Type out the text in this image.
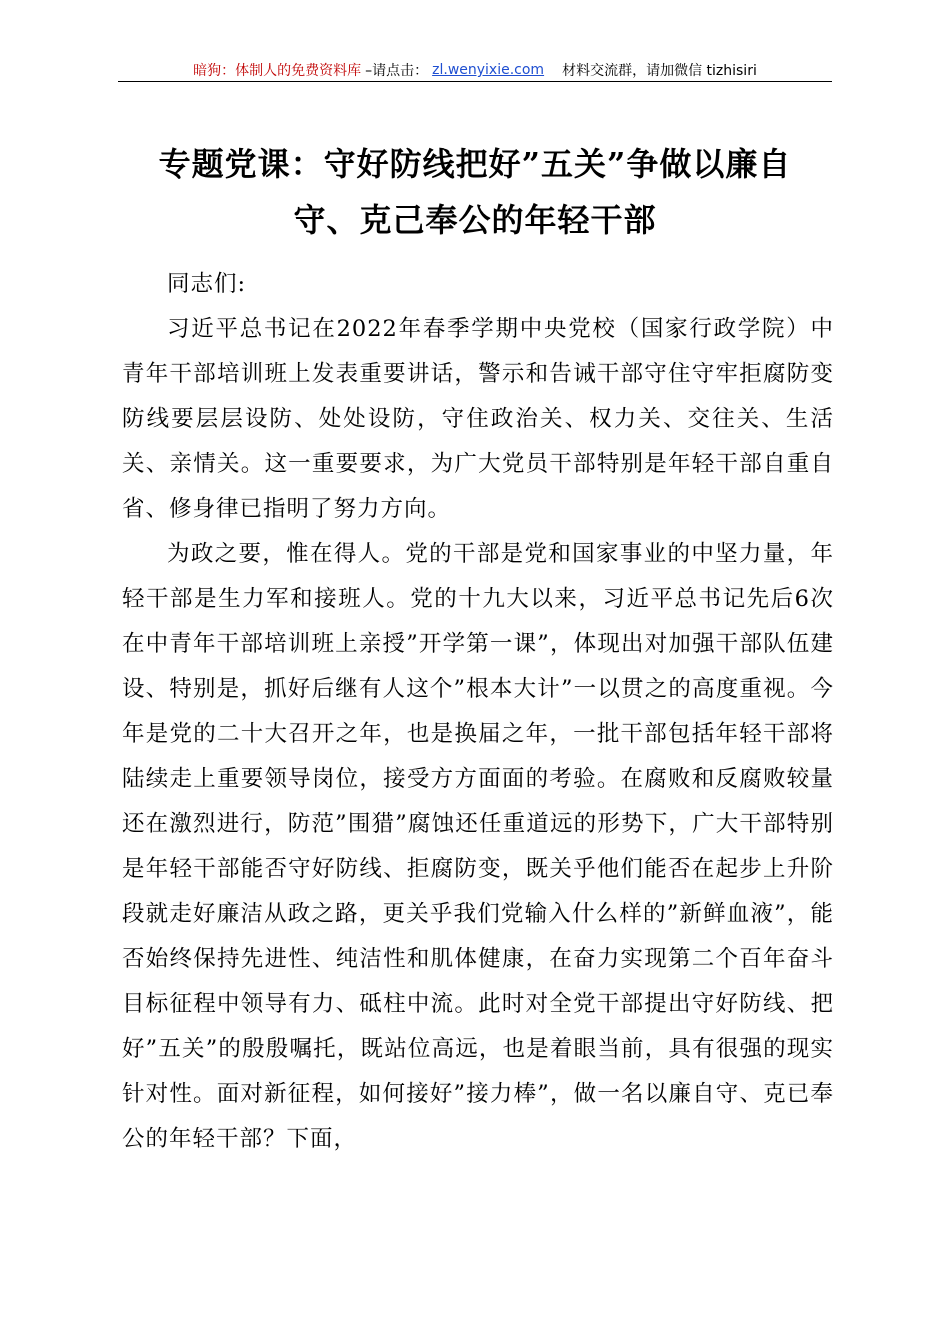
暗狗：体制人的免费资料库 –请点击： zl.wenyixie.com 材料交流群，请加微信 tizhisiri
专题党课：守好防线把好”五关”争做以廉自
守、克己奉公的年轻干部

同志们:

习近平总书记在2022年春季学期中央党校（国家行政学院）中青年干部培训班上发表重要讲话，警示和告诫干部守住守牢拒腐防变防线要层层设防、处处设防，守住政治关、权力关、交往关、生活关、亲情关。这一重要要求，为广大党员干部特别是年轻干部自重自省、修身律已指明了努力方向。

为政之要，惟在得人。党的干部是党和国家事业的中坚力量，年轻干部是生力军和接班人。党的十九大以来，习近平总书记先后6次在中青年干部培训班上亲授”开学第一课”，体现出对加强干部队伍建设、特别是，抓好后继有人这个”根本大计”一以贯之的高度重视。今年是党的二十大召开之年，也是换届之年，一批干部包括年轻干部将陆续走上重要领导岗位，接受方方面面的考验。在腐败和反腐败较量还在激烈进行，防范”围猎”腐蚀还任重道远的形势下，广大干部特别是年轻干部能否守好防线、拒腐防变，既关乎他们能否在起步上升阶段就走好廉洁从政之路，更关乎我们党输入什么样的”新鲜血液”，能否始终保持先进性、纯洁性和肌体健康，在奋力实现第二个百年奋斗目标征程中领导有力、砥柱中流。此时对全党干部提出守好防线、把好”五关”的殷殷嘱托，既站位高远，也是着眼当前，具有很强的现实针对性。面对新征程，如何接好”接力棒”，做一名以廉自守、克已奉公的年轻干部？下面，
